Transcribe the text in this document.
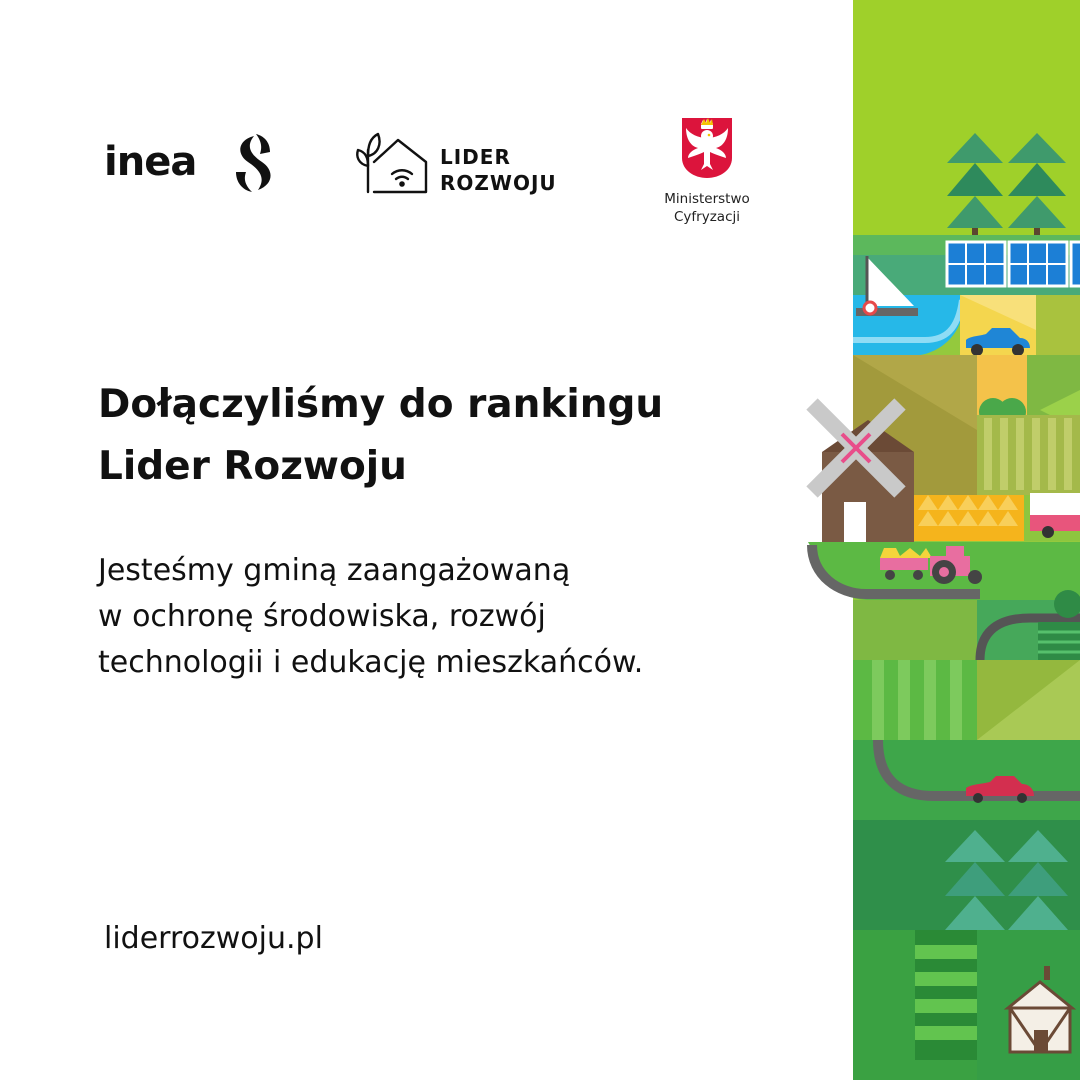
inea	LIDER
ROZWOJU
Ministerstwo
Cyfryzacji
Dołączyliśmy do rankingu
Lider Rozwoju

Jesteśmy gminą zaangażowaną
w ochronę środowiska, rozwój
technologii i edukację mieszkańców.

liderrozwoju.pl
